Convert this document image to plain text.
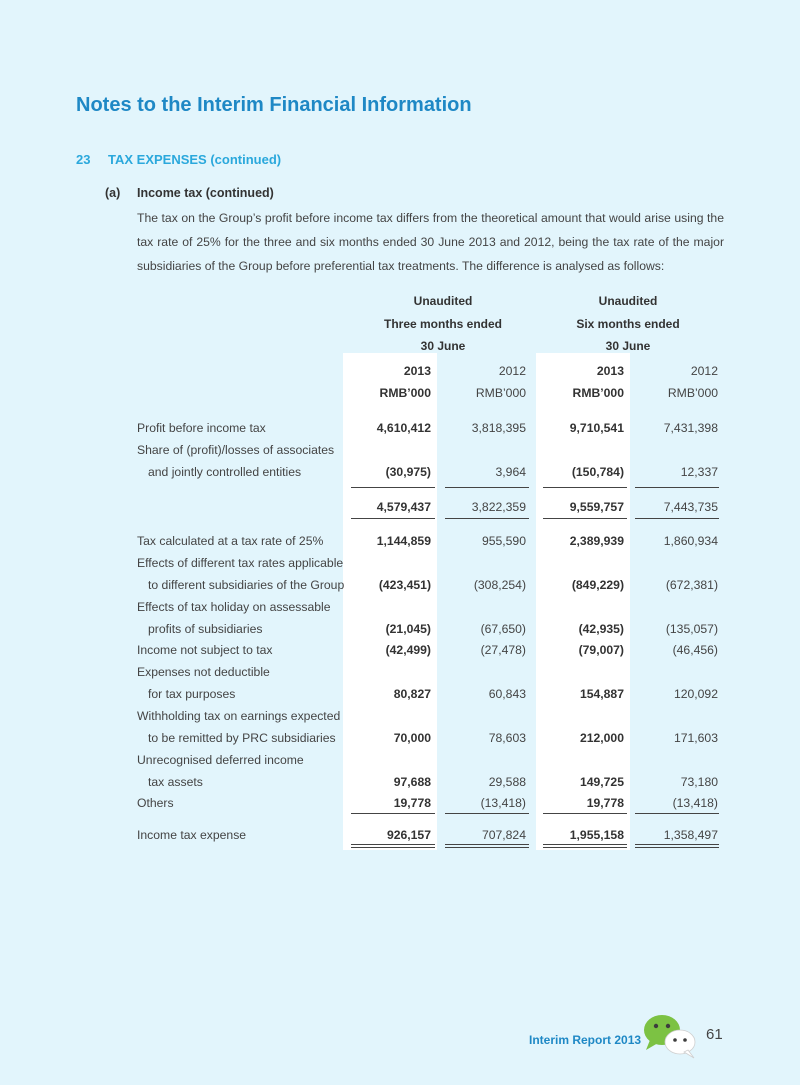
Notes to the Interim Financial Information
23 TAX EXPENSES (continued)
(a) Income tax (continued)

The tax on the Group’s profit before income tax differs from the theoretical amount that would arise using the tax rate of 25% for the three and six months ended 30 June 2013 and 2012, being the tax rate of the major subsidiaries of the Group before preferential tax treatments. The difference is analysed as follows:

Unaudited
Three months ended
30 June
Unaudited
Six months ended
30 June
2013	2012	2013	2012
RMB’000	RMB’000	RMB’000	RMB’000
Profit before income tax	4,610,412	3,818,395	9,710,541	7,431,398
Share of (profit)/losses of associates
and jointly controlled entities	(30,975)	3,964	(150,784)	12,337
4,579,437	3,822,359	9,559,757	7,443,735
Tax calculated at a tax rate of 25%	1,144,859	955,590	2,389,939	1,860,934
Effects of different tax rates applicable
to different subsidiaries of the Group	(423,451)	(308,254)	(849,229)	(672,381)
Effects of tax holiday on assessable
profits of subsidiaries	(21,045)	(67,650)	(42,935)	(135,057)
Income not subject to tax	(42,499)	(27,478)	(79,007)	(46,456)
Expenses not deductible
for tax purposes	80,827	60,843	154,887	120,092
Withholding tax on earnings expected
to be remitted by PRC subsidiaries	70,000	78,603	212,000	171,603
Unrecognised deferred income
tax assets	97,688	29,588	149,725	73,180
Others	19,778	(13,418)	19,778	(13,418)
Income tax expense	926,157	707,824	1,955,158	1,358,497
Interim Report 2013	61
